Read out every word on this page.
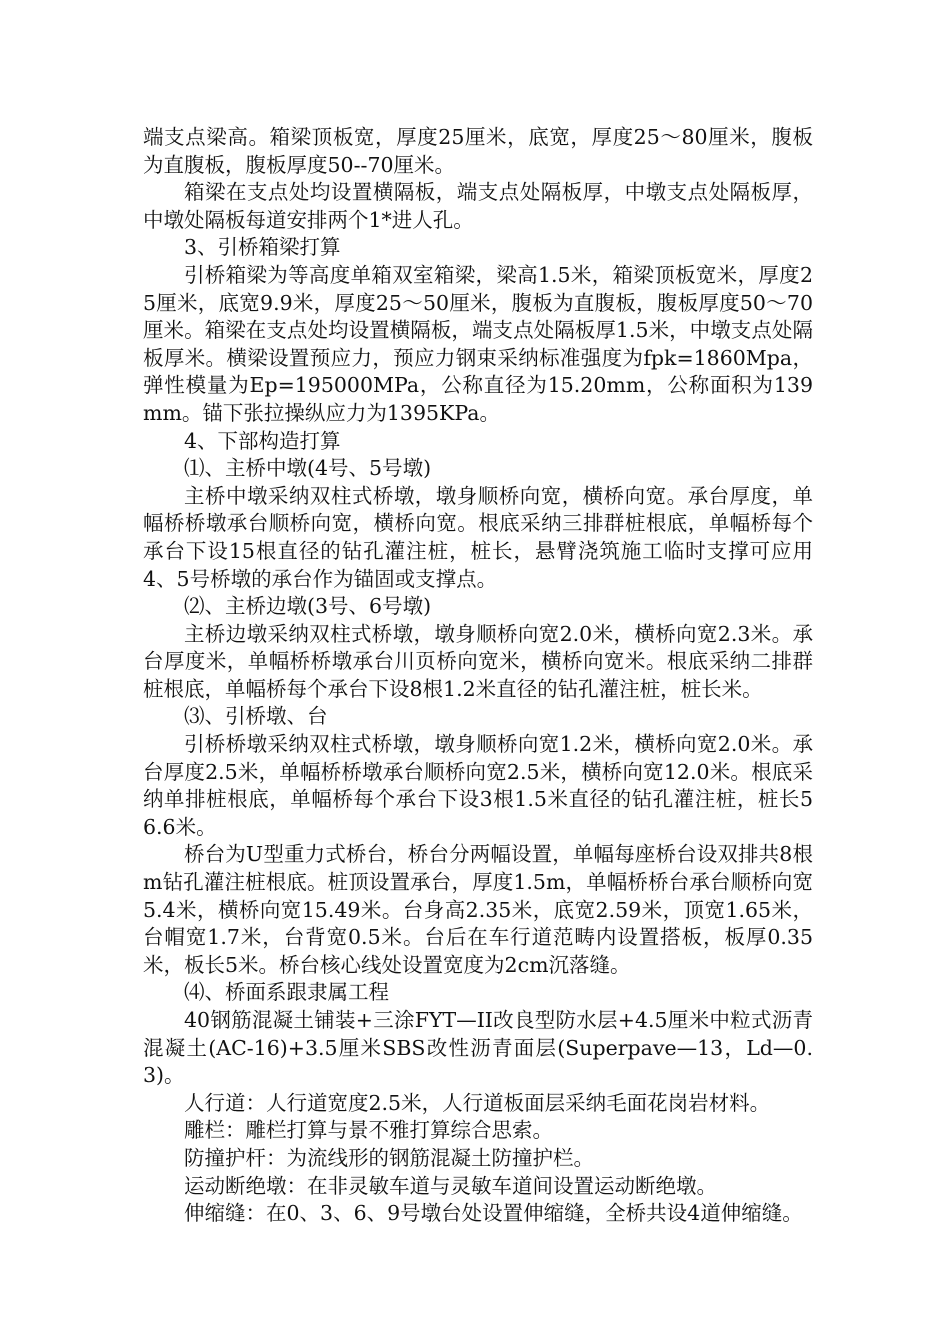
端支点梁高。箱梁顶板宽，厚度25厘米，底宽，厚度25～80厘米，腹板为直腹板，腹板厚度50--70厘米。

箱梁在支点处均设置横隔板，端支点处隔板厚，中墩支点处隔板厚，中墩处隔板每道安排两个1*进人孔。

3、引桥箱梁打算

引桥箱梁为等高度单箱双室箱梁，梁高1.5米，箱梁顶板宽米，厚度25厘米，底宽9.9米，厚度25～50厘米，腹板为直腹板，腹板厚度50～70厘米。箱梁在支点处均设置横隔板，端支点处隔板厚1.5米，中墩支点处隔板厚米。横梁设置预应力，预应力钢束采纳标准强度为fpk=1860Mpa，弹性模量为Ep=195000MPa，公称直径为15.20mm，公称面积为139mm。锚下张拉操纵应力为1395KPa。

4、下部构造打算

⑴、主桥中墩(4号、5号墩)

主桥中墩采纳双柱式桥墩，墩身顺桥向宽，横桥向宽。承台厚度，单幅桥桥墩承台顺桥向宽，横桥向宽。根底采纳三排群桩根底，单幅桥每个承台下设15根直径的钻孔灌注桩，桩长，悬臂浇筑施工临时支撑可应用4、5号桥墩的承台作为锚固或支撑点。

⑵、主桥边墩(3号、6号墩)

主桥边墩采纳双柱式桥墩，墩身顺桥向宽2.0米，横桥向宽2.3米。承台厚度米，单幅桥桥墩承台川页桥向宽米，横桥向宽米。根底采纳二排群桩根底，单幅桥每个承台下设8根1.2米直径的钻孔灌注桩，桩长米。

⑶、引桥墩、台

引桥桥墩采纳双柱式桥墩，墩身顺桥向宽1.2米，横桥向宽2.0米。承台厚度2.5米，单幅桥桥墩承台顺桥向宽2.5米，横桥向宽12.0米。根底采纳单排桩根底，单幅桥每个承台下设3根1.5米直径的钻孔灌注桩，桩长56.6米。

桥台为U型重力式桥台，桥台分两幅设置，单幅每座桥台设双排共8根m钻孔灌注桩根底。桩顶设置承台，厚度1.5m，单幅桥桥台承台顺桥向宽5.4米，横桥向宽15.49米。台身高2.35米，底宽2.59米，顶宽1.65米，台帽宽1.7米，台背宽0.5米。台后在车行道范畴内设置搭板，板厚0.35米，板长5米。桥台核心线处设置宽度为2cm沉落缝。

⑷、桥面系跟隶属工程

40钢筋混凝土铺装+三涂FYT—II改良型防水层+4.5厘米中粒式沥青混凝土(AC-16)+3.5厘米SBS改性沥青面层(Superpave—13，Ld—0.3)。

人行道：人行道宽度2.5米，人行道板面层采纳毛面花岗岩材料。

雕栏：雕栏打算与景不雅打算综合思索。

防撞护杆：为流线形的钢筋混凝土防撞护栏。

运动断绝墩：在非灵敏车道与灵敏车道间设置运动断绝墩。

伸缩缝：在0、3、6、9号墩台处设置伸缩缝，全桥共设4道伸缩缝。
